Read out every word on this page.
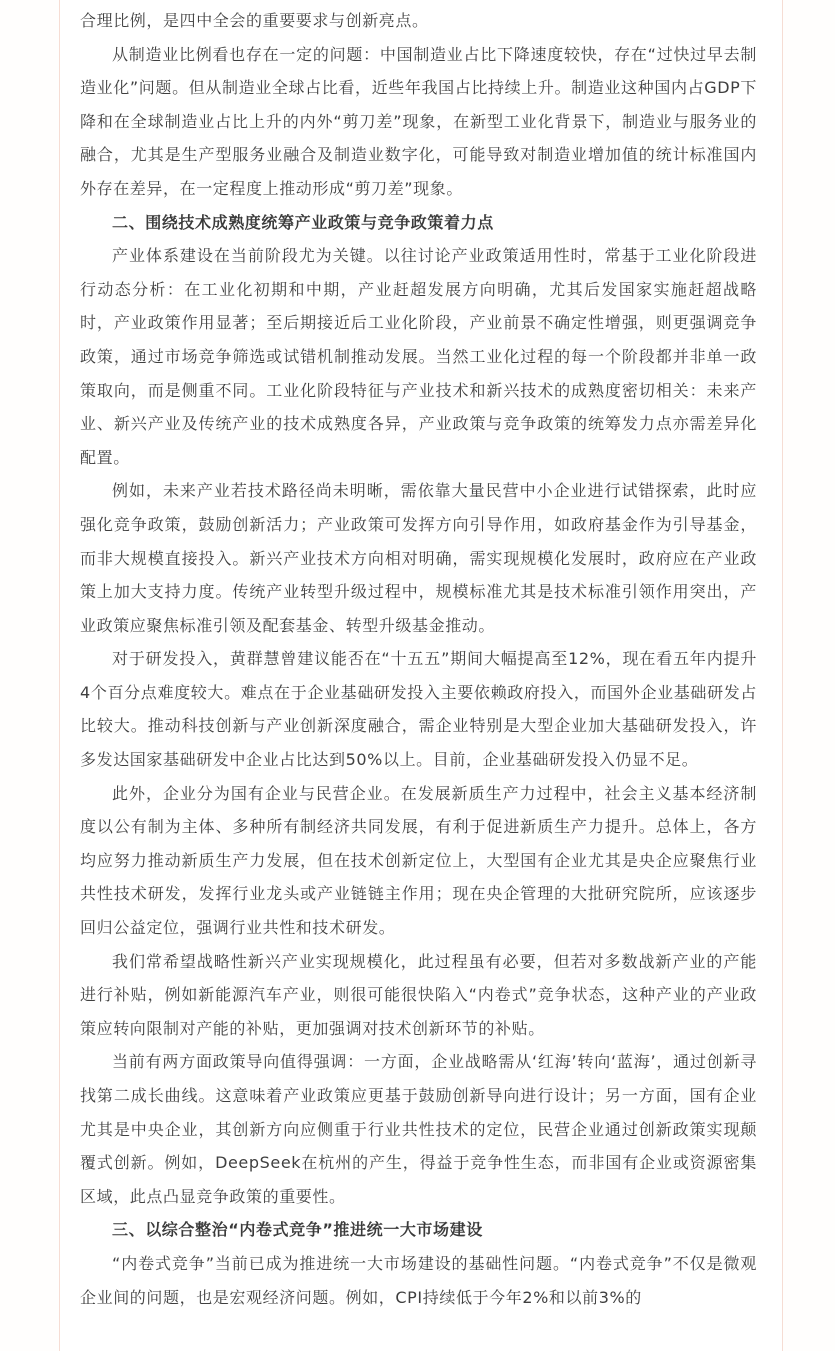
合理比例，是四中全会的重要要求与创新亮点。

从制造业比例看也存在一定的问题：中国制造业占比下降速度较快，存在“过快过早去制造业化”问题。但从制造业全球占比看，近些年我国占比持续上升。制造业这种国内占GDP下降和在全球制造业占比上升的内外“剪刀差”现象，在新型工业化背景下，制造业与服务业的融合，尤其是生产型服务业融合及制造业数字化，可能导致对制造业增加值的统计标准国内外存在差异，在一定程度上推动形成“剪刀差”现象。

二、围绕技术成熟度统筹产业政策与竞争政策着力点

产业体系建设在当前阶段尤为关键。以往讨论产业政策适用性时，常基于工业化阶段进行动态分析：在工业化初期和中期，产业赶超发展方向明确，尤其后发国家实施赶超战略时，产业政策作用显著；至后期接近后工业化阶段，产业前景不确定性增强，则更强调竞争政策，通过市场竞争筛选或试错机制推动发展。当然工业化过程的每一个阶段都并非单一政策取向，而是侧重不同。工业化阶段特征与产业技术和新兴技术的成熟度密切相关：未来产业、新兴产业及传统产业的技术成熟度各异，产业政策与竞争政策的统筹发力点亦需差异化配置。

例如，未来产业若技术路径尚未明晰，需依靠大量民营中小企业进行试错探索，此时应强化竞争政策，鼓励创新活力；产业政策可发挥方向引导作用，如政府基金作为引导基金，而非大规模直接投入。新兴产业技术方向相对明确，需实现规模化发展时，政府应在产业政策上加大支持力度。传统产业转型升级过程中，规模标准尤其是技术标准引领作用突出，产业政策应聚焦标准引领及配套基金、转型升级基金推动。

对于研发投入，黄群慧曾建议能否在“十五五”期间大幅提高至12%，现在看五年内提升4个百分点难度较大。难点在于企业基础研发投入主要依赖政府投入，而国外企业基础研发占比较大。推动科技创新与产业创新深度融合，需企业特别是大型企业加大基础研发投入，许多发达国家基础研发中企业占比达到50%以上。目前，企业基础研发投入仍显不足。

此外，企业分为国有企业与民营企业。在发展新质生产力过程中，社会主义基本经济制度以公有制为主体、多种所有制经济共同发展，有利于促进新质生产力提升。总体上，各方均应努力推动新质生产力发展，但在技术创新定位上，大型国有企业尤其是央企应聚焦行业共性技术研发，发挥行业龙头或产业链链主作用；现在央企管理的大批研究院所，应该逐步回归公益定位，强调行业共性和技术研发。

我们常希望战略性新兴产业实现规模化，此过程虽有必要，但若对多数战新产业的产能进行补贴，例如新能源汽车产业，则很可能很快陷入“内卷式”竞争状态，这种产业的产业政策应转向限制对产能的补贴，更加强调对技术创新环节的补贴。

当前有两方面政策导向值得强调：一方面，企业战略需从‘红海’转向‘蓝海’，通过创新寻找第二成长曲线。这意味着产业政策应更基于鼓励创新导向进行设计；另一方面，国有企业尤其是中央企业，其创新方向应侧重于行业共性技术的定位，民营企业通过创新政策实现颠覆式创新。例如，DeepSeek在杭州的产生，得益于竞争性生态，而非国有企业或资源密集区域，此点凸显竞争政策的重要性。

三、以综合整治“内卷式竞争”推进统一大市场建设

“内卷式竞争”当前已成为推进统一大市场建设的基础性问题。“内卷式竞争”不仅是微观企业间的问题，也是宏观经济问题。例如，CPI持续低于今年2%和以前3%的
